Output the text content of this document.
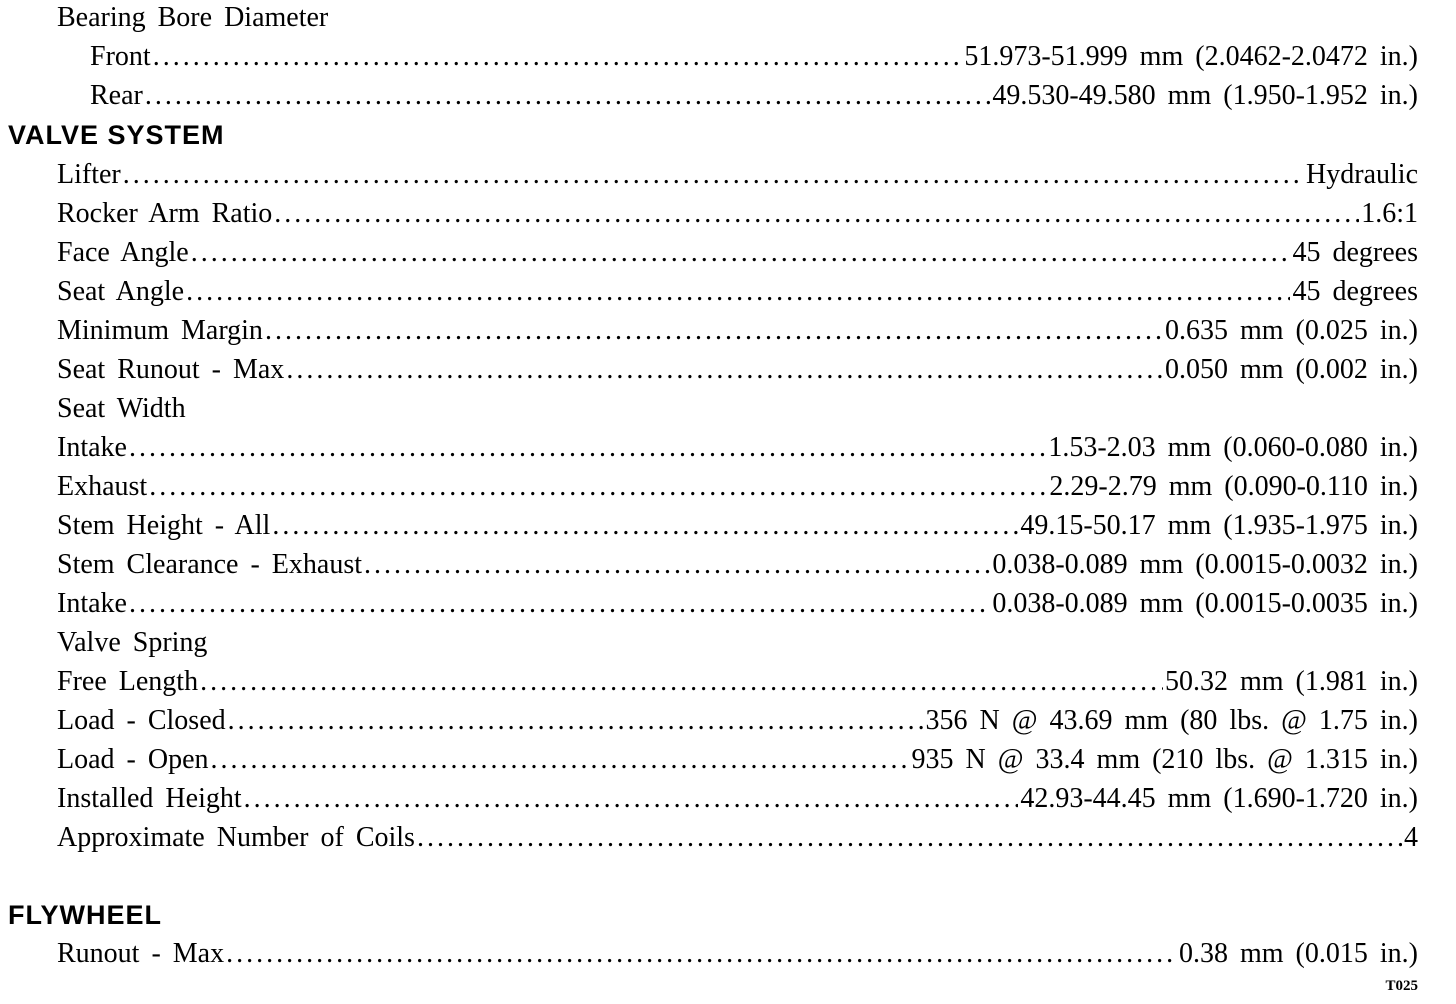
Bearing Bore Diameter
Front .....	51.973-51.999 mm (2.0462-2.0472 in.)
Rear .....	49.530-49.580 mm (1.950-1.952 in.)
VALVE SYSTEM
Lifter .....	Hydraulic
Rocker Arm Ratio .....	1.6:1
Face Angle .....	45 degrees
Seat Angle .....	45 degrees
Minimum Margin .....	0.635 mm (0.025 in.)
Seat Runout - Max .....	0.050 mm (0.002 in.)
Seat Width
Intake .....	1.53-2.03 mm (0.060-0.080 in.)
Exhaust .....	2.29-2.79 mm (0.090-0.110 in.)
Stem Height - All .....	49.15-50.17 mm (1.935-1.975 in.)
Stem Clearance - Exhaust .....	0.038-0.089 mm (0.0015-0.0032 in.)
Intake .....	0.038-0.089 mm (0.0015-0.0035 in.)
Valve Spring
Free Length .....	50.32 mm (1.981 in.)
Load - Closed .....	356 N @ 43.69 mm (80 lbs. @ 1.75 in.)
Load - Open .....	935 N @ 33.4 mm (210 lbs. @ 1.315 in.)
Installed Height .....	42.93-44.45 mm (1.690-1.720 in.)
Approximate Number of Coils .....	4
FLYWHEEL
Runout - Max .....	0.38 mm (0.015 in.)
T025
